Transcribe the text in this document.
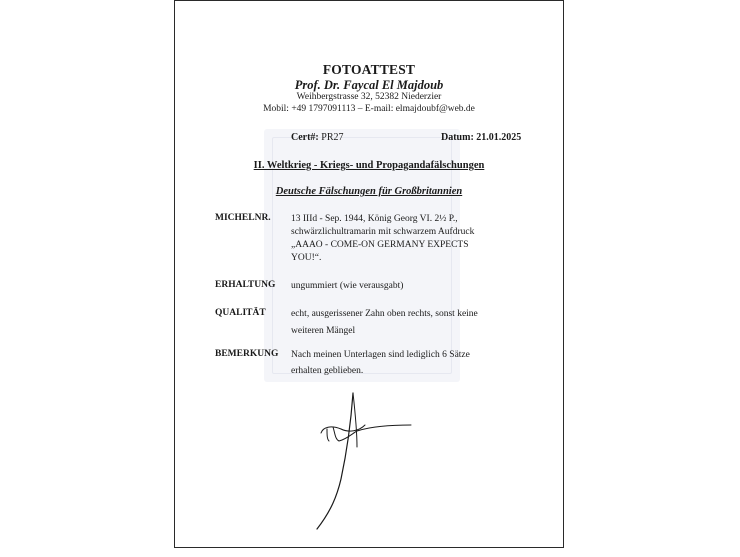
FOTOATTEST
Prof. Dr. Faycal El Majdoub
Weihbergstrasse 32, 52382 Niederzier
Mobil: +49 1797091113 – E-mail: elmajdoubf@web.de
Cert#: PR27	Datum: 21.01.2025
II. Weltkrieg - Kriegs- und Propagandafälschungen
Deutsche Fälschungen für Großbritannien
MICHELNR. 13 IIId - Sep. 1944, König Georg VI. 2½ P.,
schwärzlichultramarin mit schwarzem Aufdruck
„AAAO - COME-ON GERMANY EXPECTS
YOU!“.
ERHALTUNG ungummiert (wie verausgabt)
QUALITÄT	echt, ausgerissener Zahn oben rechts, sonst keine
weiteren Mängel
BEMERKUNG Nach meinen Unterlagen sind lediglich 6 Sätze
erhalten geblieben.
